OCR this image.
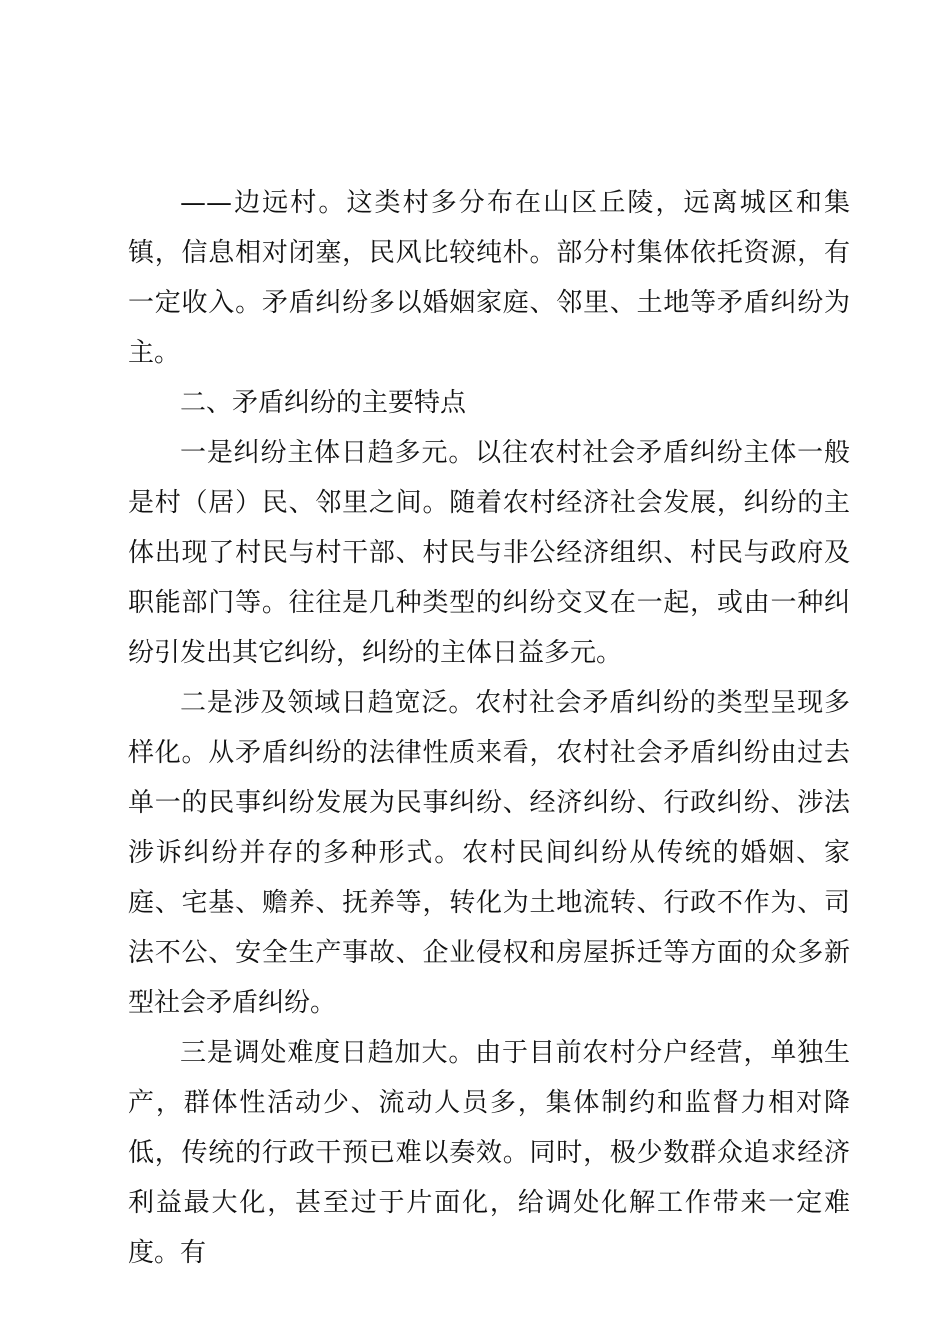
——边远村。这类村多分布在山区丘陵，远离城区和集镇，信息相对闭塞，民风比较纯朴。部分村集体依托资源，有一定收入。矛盾纠纷多以婚姻家庭、邻里、土地等矛盾纠纷为主。

二、矛盾纠纷的主要特点

一是纠纷主体日趋多元。以往农村社会矛盾纠纷主体一般是村（居）民、邻里之间。随着农村经济社会发展，纠纷的主体出现了村民与村干部、村民与非公经济组织、村民与政府及职能部门等。往往是几种类型的纠纷交叉在一起，或由一种纠纷引发出其它纠纷，纠纷的主体日益多元。

二是涉及领域日趋宽泛。农村社会矛盾纠纷的类型呈现多样化。从矛盾纠纷的法律性质来看，农村社会矛盾纠纷由过去单一的民事纠纷发展为民事纠纷、经济纠纷、行政纠纷、涉法涉诉纠纷并存的多种形式。农村民间纠纷从传统的婚姻、家庭、宅基、赡养、抚养等，转化为土地流转、行政不作为、司法不公、安全生产事故、企业侵权和房屋拆迁等方面的众多新型社会矛盾纠纷。

三是调处难度日趋加大。由于目前农村分户经营，单独生产，群体性活动少、流动人员多，集体制约和监督力相对降低，传统的行政干预已难以奏效。同时，极少数群众追求经济利益最大化，甚至过于片面化，给调处化解工作带来一定难度。有
